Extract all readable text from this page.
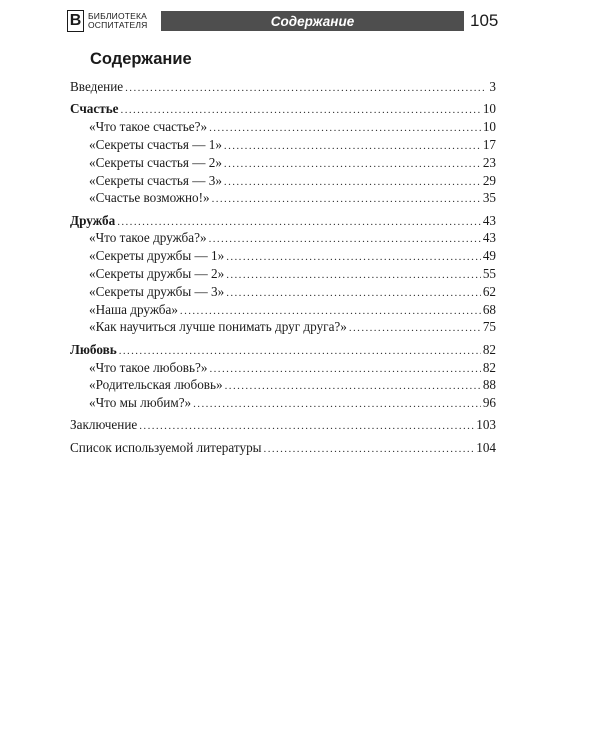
В БИБЛИОТЕКА
ОСПИТАТЕЛЯ	Содержание	105
Содержание
Введение .....	3
Счастье .....	10
«Что такое счастье?» .....	10
«Секреты счастья — 1» .....	17
«Секреты счастья — 2» .....	23
«Секреты счастья — 3» .....	29
«Счастье возможно!» .....	35
Дружба .....	43
«Что такое дружба?» .....	43
«Секреты дружбы — 1» .....	49
«Секреты дружбы — 2» .....	55
«Секреты дружбы — 3» .....	62
«Наша дружба» .....	68
«Как научиться лучше понимать друг друга?» .....	75
Любовь .....	82
«Что такое любовь?» .....	82
«Родительская любовь» .....	88
«Что мы любим?» .....	96
Заключение .....	103
Список используемой литературы .....	104
